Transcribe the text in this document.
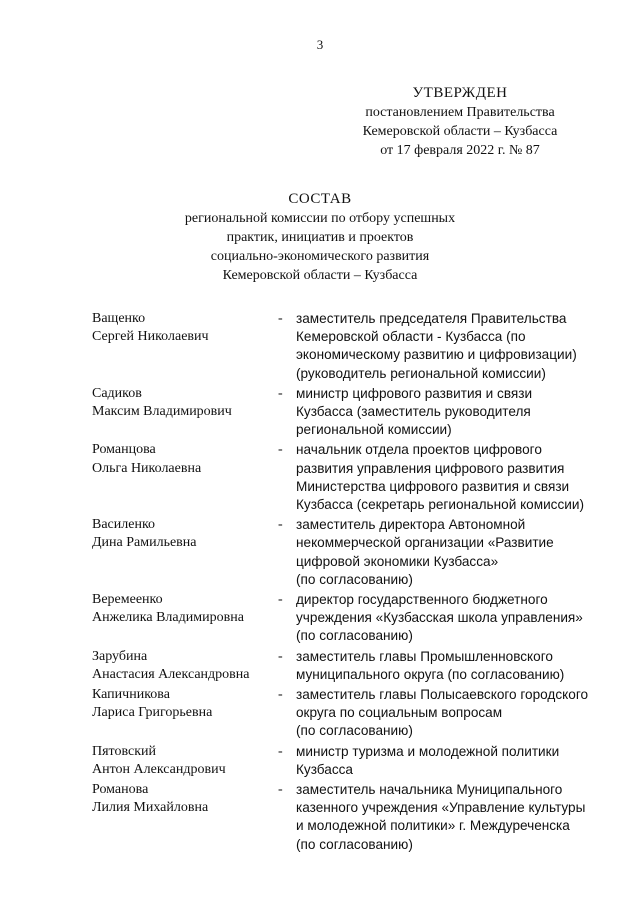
3
УТВЕРЖДЕН
постановлением Правительства
Кемеровской области – Кузбасса
от 17 февраля 2022 г. № 87
СОСТАВ
региональной комиссии по отбору успешных
практик, инициатив и проектов
социально-экономического развития
Кемеровской области – Кузбасса
Ващенко
Сергей Николаевич
- заместитель председателя Правительства
Кемеровской области - Кузбасса (по
экономическому развитию и цифровизации)
(руководитель региональной комиссии)
Садиков
Максим Владимирович
- министр цифрового развития и связи
Кузбасса (заместитель руководителя
региональной комиссии)
Романцова
Ольга Николаевна
- начальник отдела проектов цифрового
развития управления цифрового развития
Министерства цифрового развития и связи
Кузбасса (секретарь региональной комиссии)
Василенко
Дина Рамильевна
- заместитель директора Автономной
некоммерческой организации «Развитие
цифровой экономики Кузбасса»
(по согласованию)
Веремеенко
Анжелика Владимировна
- директор государственного бюджетного
учреждения «Кузбасская школа управления»
(по согласованию)
Зарубина
Анастасия Александровна
- заместитель главы Промышленновского
муниципального округа (по согласованию)
Капичникова
Лариса Григорьевна
- заместитель главы Полысаевского городского
округа по социальным вопросам
(по согласованию)
Пятовский
Антон Александрович
- министр туризма и молодежной политики
Кузбасса
Романова
Лилия Михайловна
- заместитель начальника Муниципального
казенного учреждения «Управление культуры
и молодежной политики» г. Междуреченска
(по согласованию)
